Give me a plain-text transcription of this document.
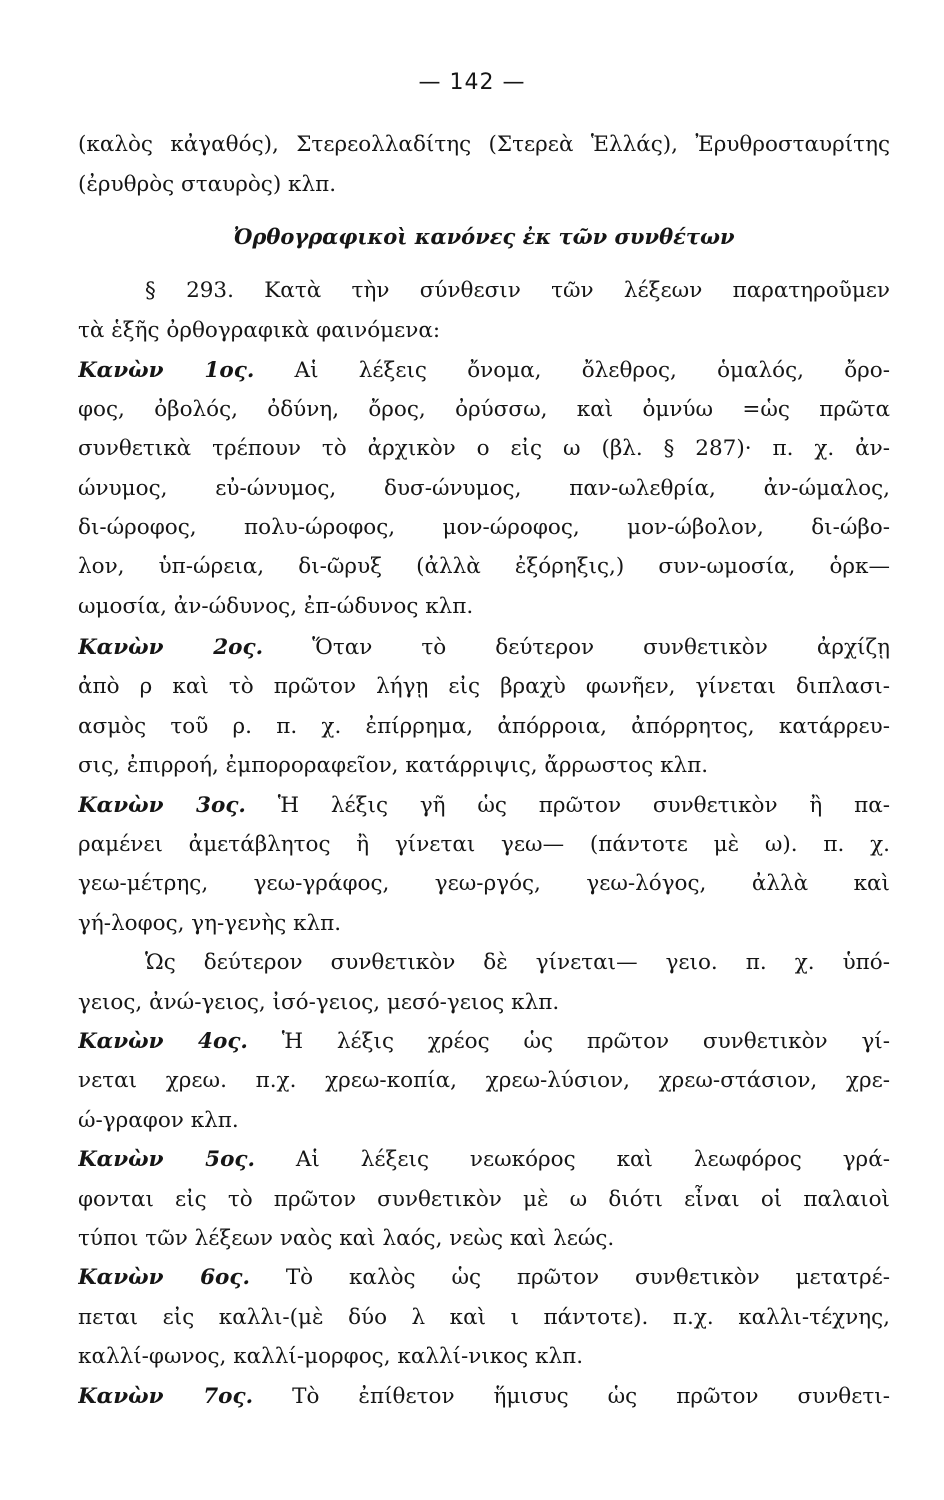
— 142 —
(καλὸς κἀγαθός), Στερεολλαδίτης (Στερεὰ Ἑλλάς), Ἐρυθροσταυρίτης
(ἐρυθρὸς σταυρὸς) κλπ.
Ὀρθογραφικοὶ κανόνες ἐκ τῶν συνθέτων
§ 293. Κατὰ τὴν σύνθεσιν τῶν λέξεων παρατηροῦμεν
τὰ ἑξῆς ὀρθογραφικὰ φαινόμενα:
Κανὼν 1ος. Αἱ λέξεις ὄνομα, ὄλεθρος, ὁμαλός, ὄρο-
φος, ὀβολός, ὀδύνη, ὄρος, ὀρύσσω, καὶ ὀμνύω =ὡς πρῶτα
συνθετικὰ τρέπουν τὸ ἀρχικὸν ο εἰς ω (βλ. § 287)· π. χ. ἀν-
ώνυμος, εὐ-ώνυμος, δυσ-ώνυμος, παν-ωλεθρία, ἀν-ώμαλος,
δι-ώροφος, πολυ-ώροφος, μον-ώροφος, μον-ώβολον, δι-ώβο-
λον, ὑπ-ώρεια, δι-ῶρυξ (ἀλλὰ ἐξόρηξις,) συν-ωμοσία, ὁρκ—
ωμοσία, ἀν-ώδυνος, ἐπ-ώδυνος κλπ.
Κανὼν 2ος. Ὅταν τὸ δεύτερον συνθετικὸν ἀρχίζῃ
ἀπὸ ρ καὶ τὸ πρῶτον λήγῃ εἰς βραχὺ φωνῆεν, γίνεται διπλασι-
ασμὸς τοῦ ρ. π. χ. ἐπίρρημα, ἀπόρροια, ἀπόρρητος, κατάρρευ-
σις, ἐπιρροή, ἐμποροραφεῖον, κατάρριψις, ἄρρωστος κλπ.
Κανὼν 3ος. Ἡ λέξις γῆ ὡς πρῶτον συνθετικὸν ἢ πα-
ραμένει ἀμετάβλητος ἢ γίνεται γεω— (πάντοτε μὲ ω). π. χ.
γεω-μέτρης, γεω-γράφος, γεω-ργός, γεω-λόγος, ἀλλὰ καὶ
γή-λοφος, γη-γενὴς κλπ.
Ὡς δεύτερον συνθετικὸν δὲ γίνεται— γειο. π. χ. ὑπό-
γειος, ἀνώ-γειος, ἰσό-γειος, μεσό-γειος κλπ.
Κανὼν 4ος. Ἡ λέξις χρέος ὡς πρῶτον συνθετικὸν γί-
νεται χρεω. π.χ. χρεω-κοπία, χρεω-λύσιον, χρεω-στάσιον, χρε-
ώ-γραφον κλπ.
Κανὼν 5ος. Αἱ λέξεις νεωκόρος καὶ λεωφόρος γρά-
φονται εἰς τὸ πρῶτον συνθετικὸν μὲ ω διότι εἶναι οἱ παλαιοὶ
τύποι τῶν λέξεων ναὸς καὶ λαός, νεὼς καὶ λεώς.
Κανὼν 6ος. Τὸ καλὸς ὡς πρῶτον συνθετικὸν μετατρέ-
πεται εἰς καλλι-(μὲ δύο λ καὶ ι πάντοτε). π.χ. καλλι-τέχνης,
καλλί-φωνος, καλλί-μορφος, καλλί-νικος κλπ.
Κανὼν 7ος. Τὸ ἐπίθετον ἥμισυς ὡς πρῶτον συνθετι-
